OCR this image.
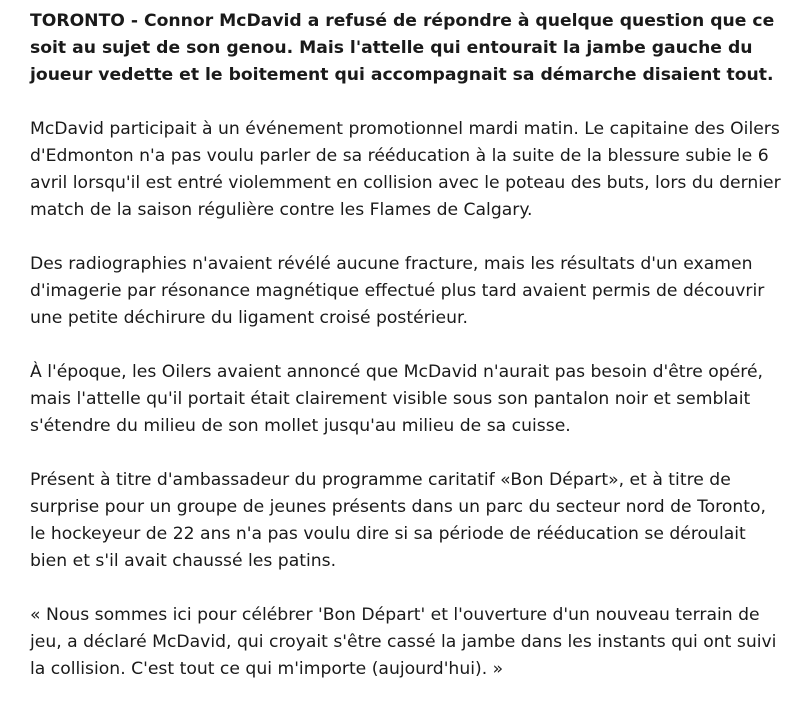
TORONTO - Connor McDavid a refusé de répondre à quelque question que ce soit au sujet de son genou. Mais l'attelle qui entourait la jambe gauche du joueur vedette et le boitement qui accompagnait sa démarche disaient tout.

McDavid participait à un événement promotionnel mardi matin. Le capitaine des Oilers d'Edmonton n'a pas voulu parler de sa rééducation à la suite de la blessure subie le 6 avril lorsqu'il est entré violemment en collision avec le poteau des buts, lors du dernier match de la saison régulière contre les Flames de Calgary.

Des radiographies n'avaient révélé aucune fracture, mais les résultats d'un examen d'imagerie par résonance magnétique effectué plus tard avaient permis de découvrir une petite déchirure du ligament croisé postérieur.

À l'époque, les Oilers avaient annoncé que McDavid n'aurait pas besoin d'être opéré, mais l'attelle qu'il portait était clairement visible sous son pantalon noir et semblait s'étendre du milieu de son mollet jusqu'au milieu de sa cuisse.

Présent à titre d'ambassadeur du programme caritatif «Bon Départ», et à titre de surprise pour un groupe de jeunes présents dans un parc du secteur nord de Toronto, le hockeyeur de 22 ans n'a pas voulu dire si sa période de rééducation se déroulait bien et s'il avait chaussé les patins.

« Nous sommes ici pour célébrer 'Bon Départ' et l'ouverture d'un nouveau terrain de jeu, a déclaré McDavid, qui croyait s'être cassé la jambe dans les instants qui ont suivi la collision. C'est tout ce qui m'importe (aujourd'hui). »
